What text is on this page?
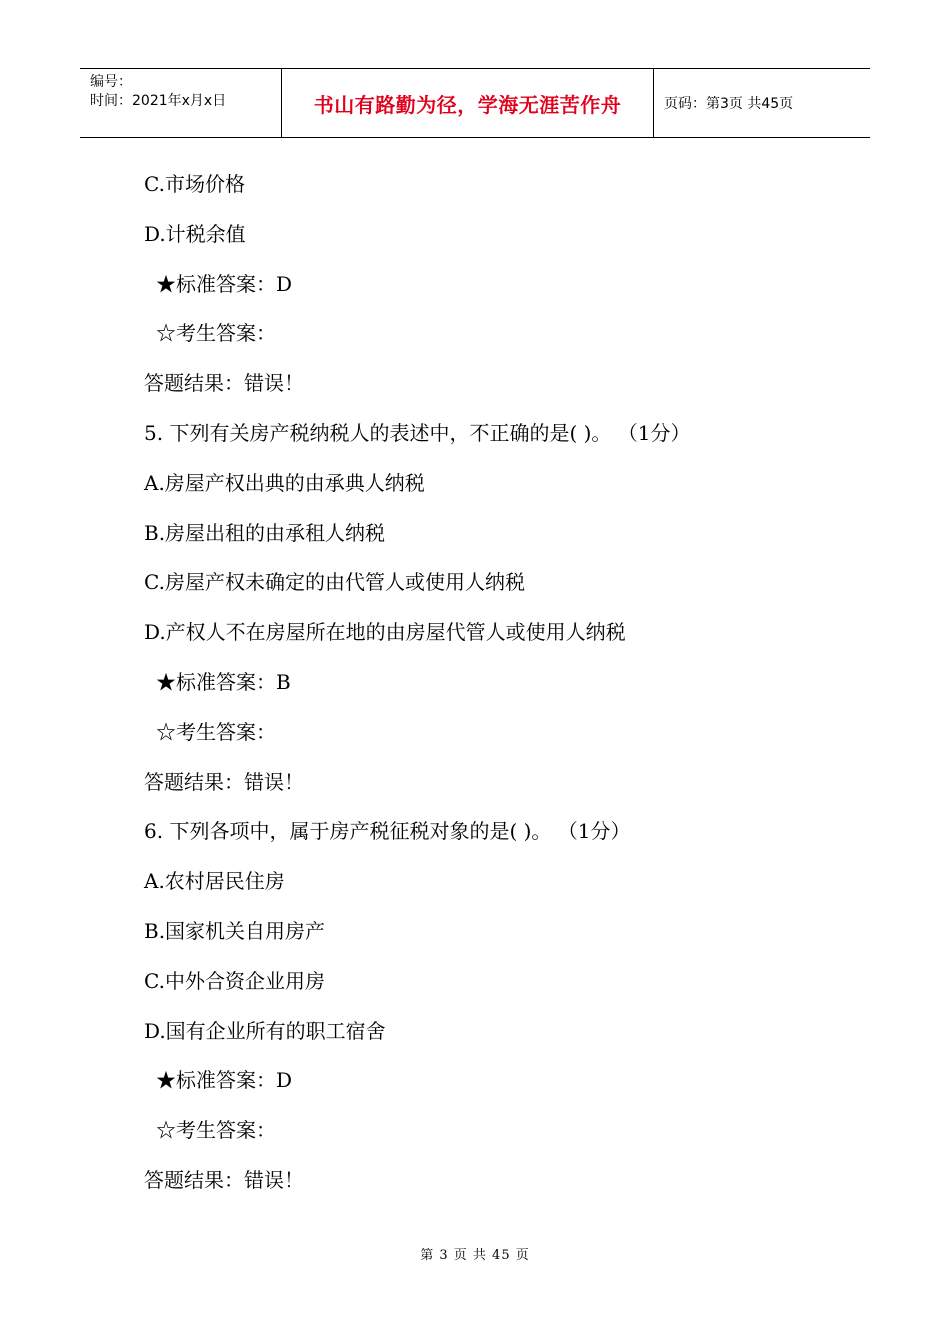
编号：
时间：2021年x月x日	书山有路勤为径，学海无涯苦作舟	页码：第3页 共45页
C.市场价格
D.计税余值
★标准答案：D
☆考生答案：
答题结果：错误！
5. 下列有关房产税纳税人的表述中，不正确的是( )。 （1分）
A.房屋产权出典的由承典人纳税
B.房屋出租的由承租人纳税
C.房屋产权未确定的由代管人或使用人纳税
D.产权人不在房屋所在地的由房屋代管人或使用人纳税
★标准答案：B
☆考生答案：
答题结果：错误！
6. 下列各项中，属于房产税征税对象的是( )。 （1分）
A.农村居民住房
B.国家机关自用房产
C.中外合资企业用房
D.国有企业所有的职工宿舍
★标准答案：D
☆考生答案：
答题结果：错误！
第 3 页 共 45 页
